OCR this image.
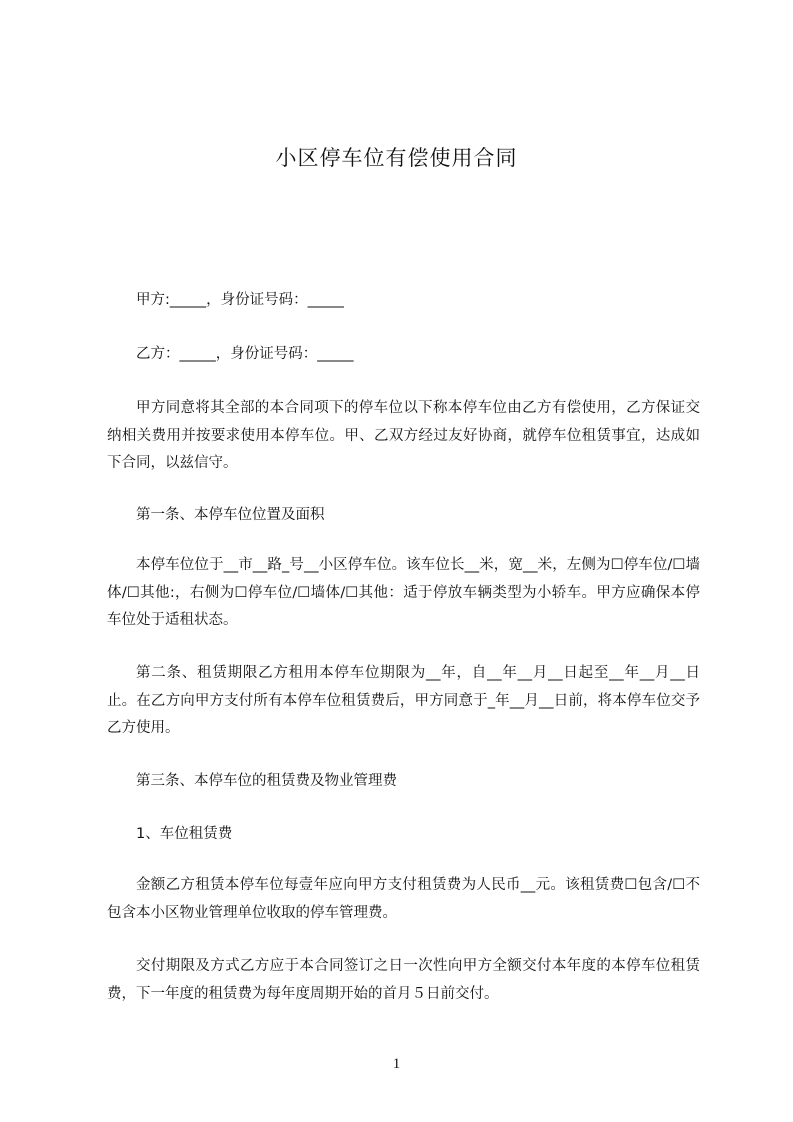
小区停车位有偿使用合同
甲方:_____，身份证号码：_____
乙方：_____，身份证号码：_____

甲方同意将其全部的本合同项下的停车位以下称本停车位由乙方有偿使用，乙方保证交纳相关费用并按要求使用本停车位。甲、乙双方经过友好协商，就停车位租赁事宜，达成如下合同，以兹信守。

第一条、本停车位位置及面积

本停车位位于__市__路_号__小区停车位。该车位长__米，宽__米，左侧为☐停车位/☐墙体/☐其他:，右侧为☐停车位/☐墙体/☐其他：适于停放车辆类型为小轿车。甲方应确保本停车位处于适租状态。

第二条、租赁期限乙方租用本停车位期限为__年，自__年__月__日起至__年__月__日止。在乙方向甲方支付所有本停车位租赁费后，甲方同意于_年__月__日前，将本停车位交予乙方使用。

第三条、本停车位的租赁费及物业管理费
1、车位租赁费

金额乙方租赁本停车位每壹年应向甲方支付租赁费为人民币__元。该租赁费☐包含/☐不包含本小区物业管理单位收取的停车管理费。

交付期限及方式乙方应于本合同签订之日一次性向甲方全额交付本年度的本停车位租赁费，下一年度的租赁费为每年度周期开始的首月５日前交付。

1
